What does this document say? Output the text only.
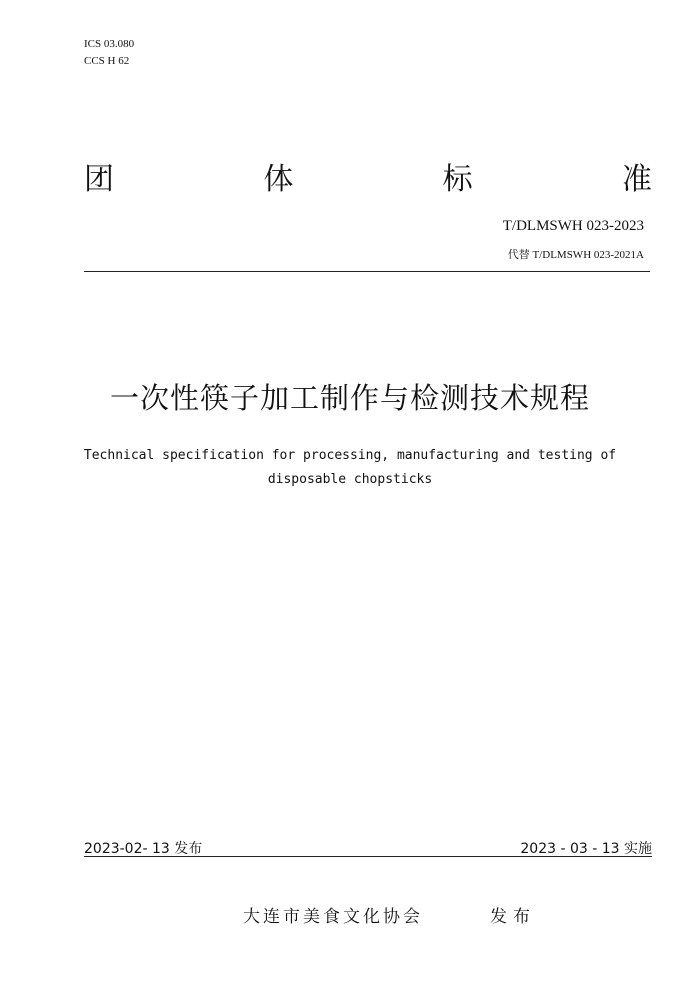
ICS 03.080
CCS H 62
团	体	标	准
T/DLMSWH 023-2023
代替 T/DLMSWH 023-2021A
一次性筷子加工制作与检测技术规程
Technical specification for processing, manufacturing and testing of
disposable chopsticks
2023-02- 13 发布	2023 - 03 - 13 实施
大连市美食文化协会	发布
